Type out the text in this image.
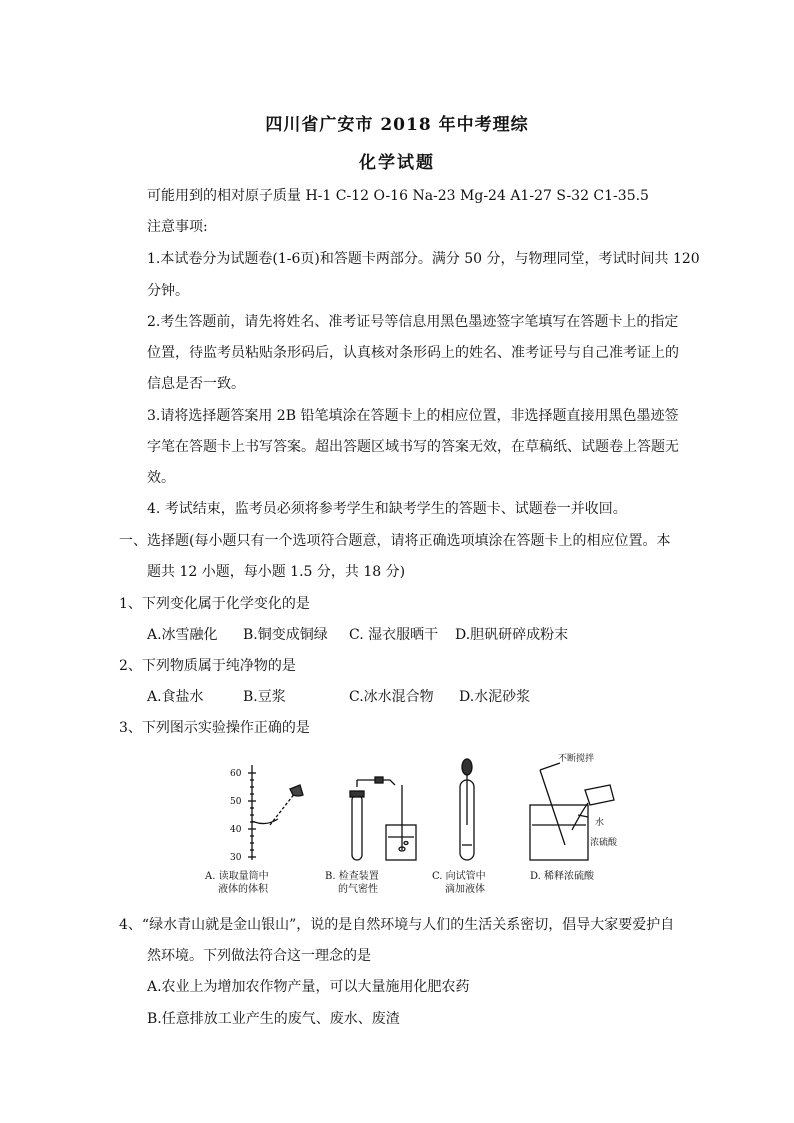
四川省广安市 2018 年中考理综
化学试题
可能用到的相对原子质量 H-1 C-12 O-16 Na-23 Mg-24 A1-27 S-32 C1-35.5
注意事项:
1.本试卷分为试题卷(1-6页)和答题卡两部分。满分 50 分，与物理同堂，考试时间共 120
分钟。
2.考生答题前，请先将姓名、准考证号等信息用黑色墨迹签字笔填写在答题卡上的指定
位置，待监考员粘贴条形码后，认真核对条形码上的姓名、准考证号与自己准考证上的
信息是否一致。
3.请将选择题答案用 2B 铅笔填涂在答题卡上的相应位置，非选择题直接用黑色墨迹签
字笔在答题卡上书写答案。超出答题区域书写的答案无效，在草稿纸、试题卷上答题无
效。
4. 考试结束，监考员必须将参考学生和缺考学生的答题卡、试题卷一并收回。
一、选择题(每小题只有一个选项符合题意，请将正确选项填涂在答题卡上的相应位置。本
题共 12 小题，每小题 1.5 分，共 18 分)
1、下列变化属于化学变化的是
A.冰雪融化 B.铜变成铜绿 C. 湿衣服晒干 D.胆矾研碎成粉末
2、下列物质属于纯净物的是
A.食盐水	B.豆浆	C.冰水混合物 D.水泥砂浆
3、下列图示实验操作正确的是
60
50
40
30
不断搅拌
水
浓硫酸
A. 读取量筒中
液体的体积
B. 检查装置
的气密性
C. 向试管中
滴加液体
D. 稀释浓硫酸
4、“绿水青山就是金山银山”，说的是自然环境与人们的生活关系密切，倡导大家要爱护自
然环境。下列做法符合这一理念的是
A.农业上为增加农作物产量，可以大量施用化肥农药
B.任意排放工业产生的废气、废水、废渣
